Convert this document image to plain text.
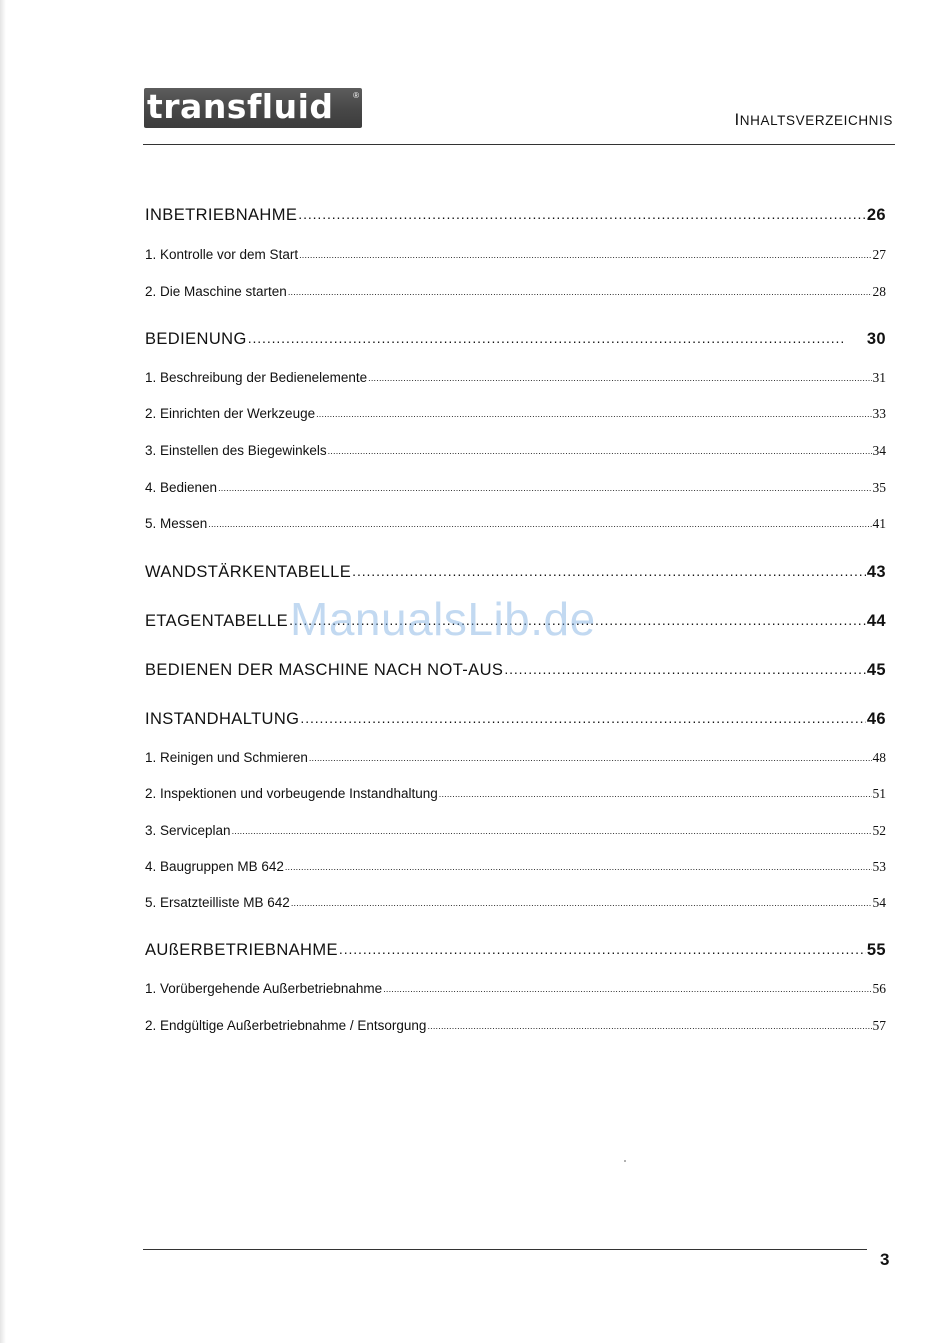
transfluid ®
INHALTSVERZEICHNIS
INBETRIEBNAHME . . .	26
1. Kontrolle vor dem Start .....	27
2. Die Maschine starten .....	28
BEDIENUNG . . .	30
1. Beschreibung der Bedienelemente .....	31
2. Einrichten der Werkzeuge .....	33
3. Einstellen des Biegewinkels .....	34
4. Bedienen .....	35
5. Messen .....	41
WANDSTÄRKENTABELLE . . .	43
ETAGENTABELLE . . .	44
BEDIENEN DER MASCHINE NACH NOT-AUS . . .	45
INSTANDHALTUNG . . .	46
1. Reinigen und Schmieren .....	48
2. Inspektionen und vorbeugende Instandhaltung .....	51
3. Serviceplan .....	52
4. Baugruppen MB 642 .....	53
5. Ersatzteilliste MB 642 .....	54
AUßERBETRIEBNAHME . . .	55
1. Vorübergehende Außerbetriebnahme .....	56
2. Endgültige Außerbetriebnahme / Entsorgung .....	57
ManualsLib.de
3
